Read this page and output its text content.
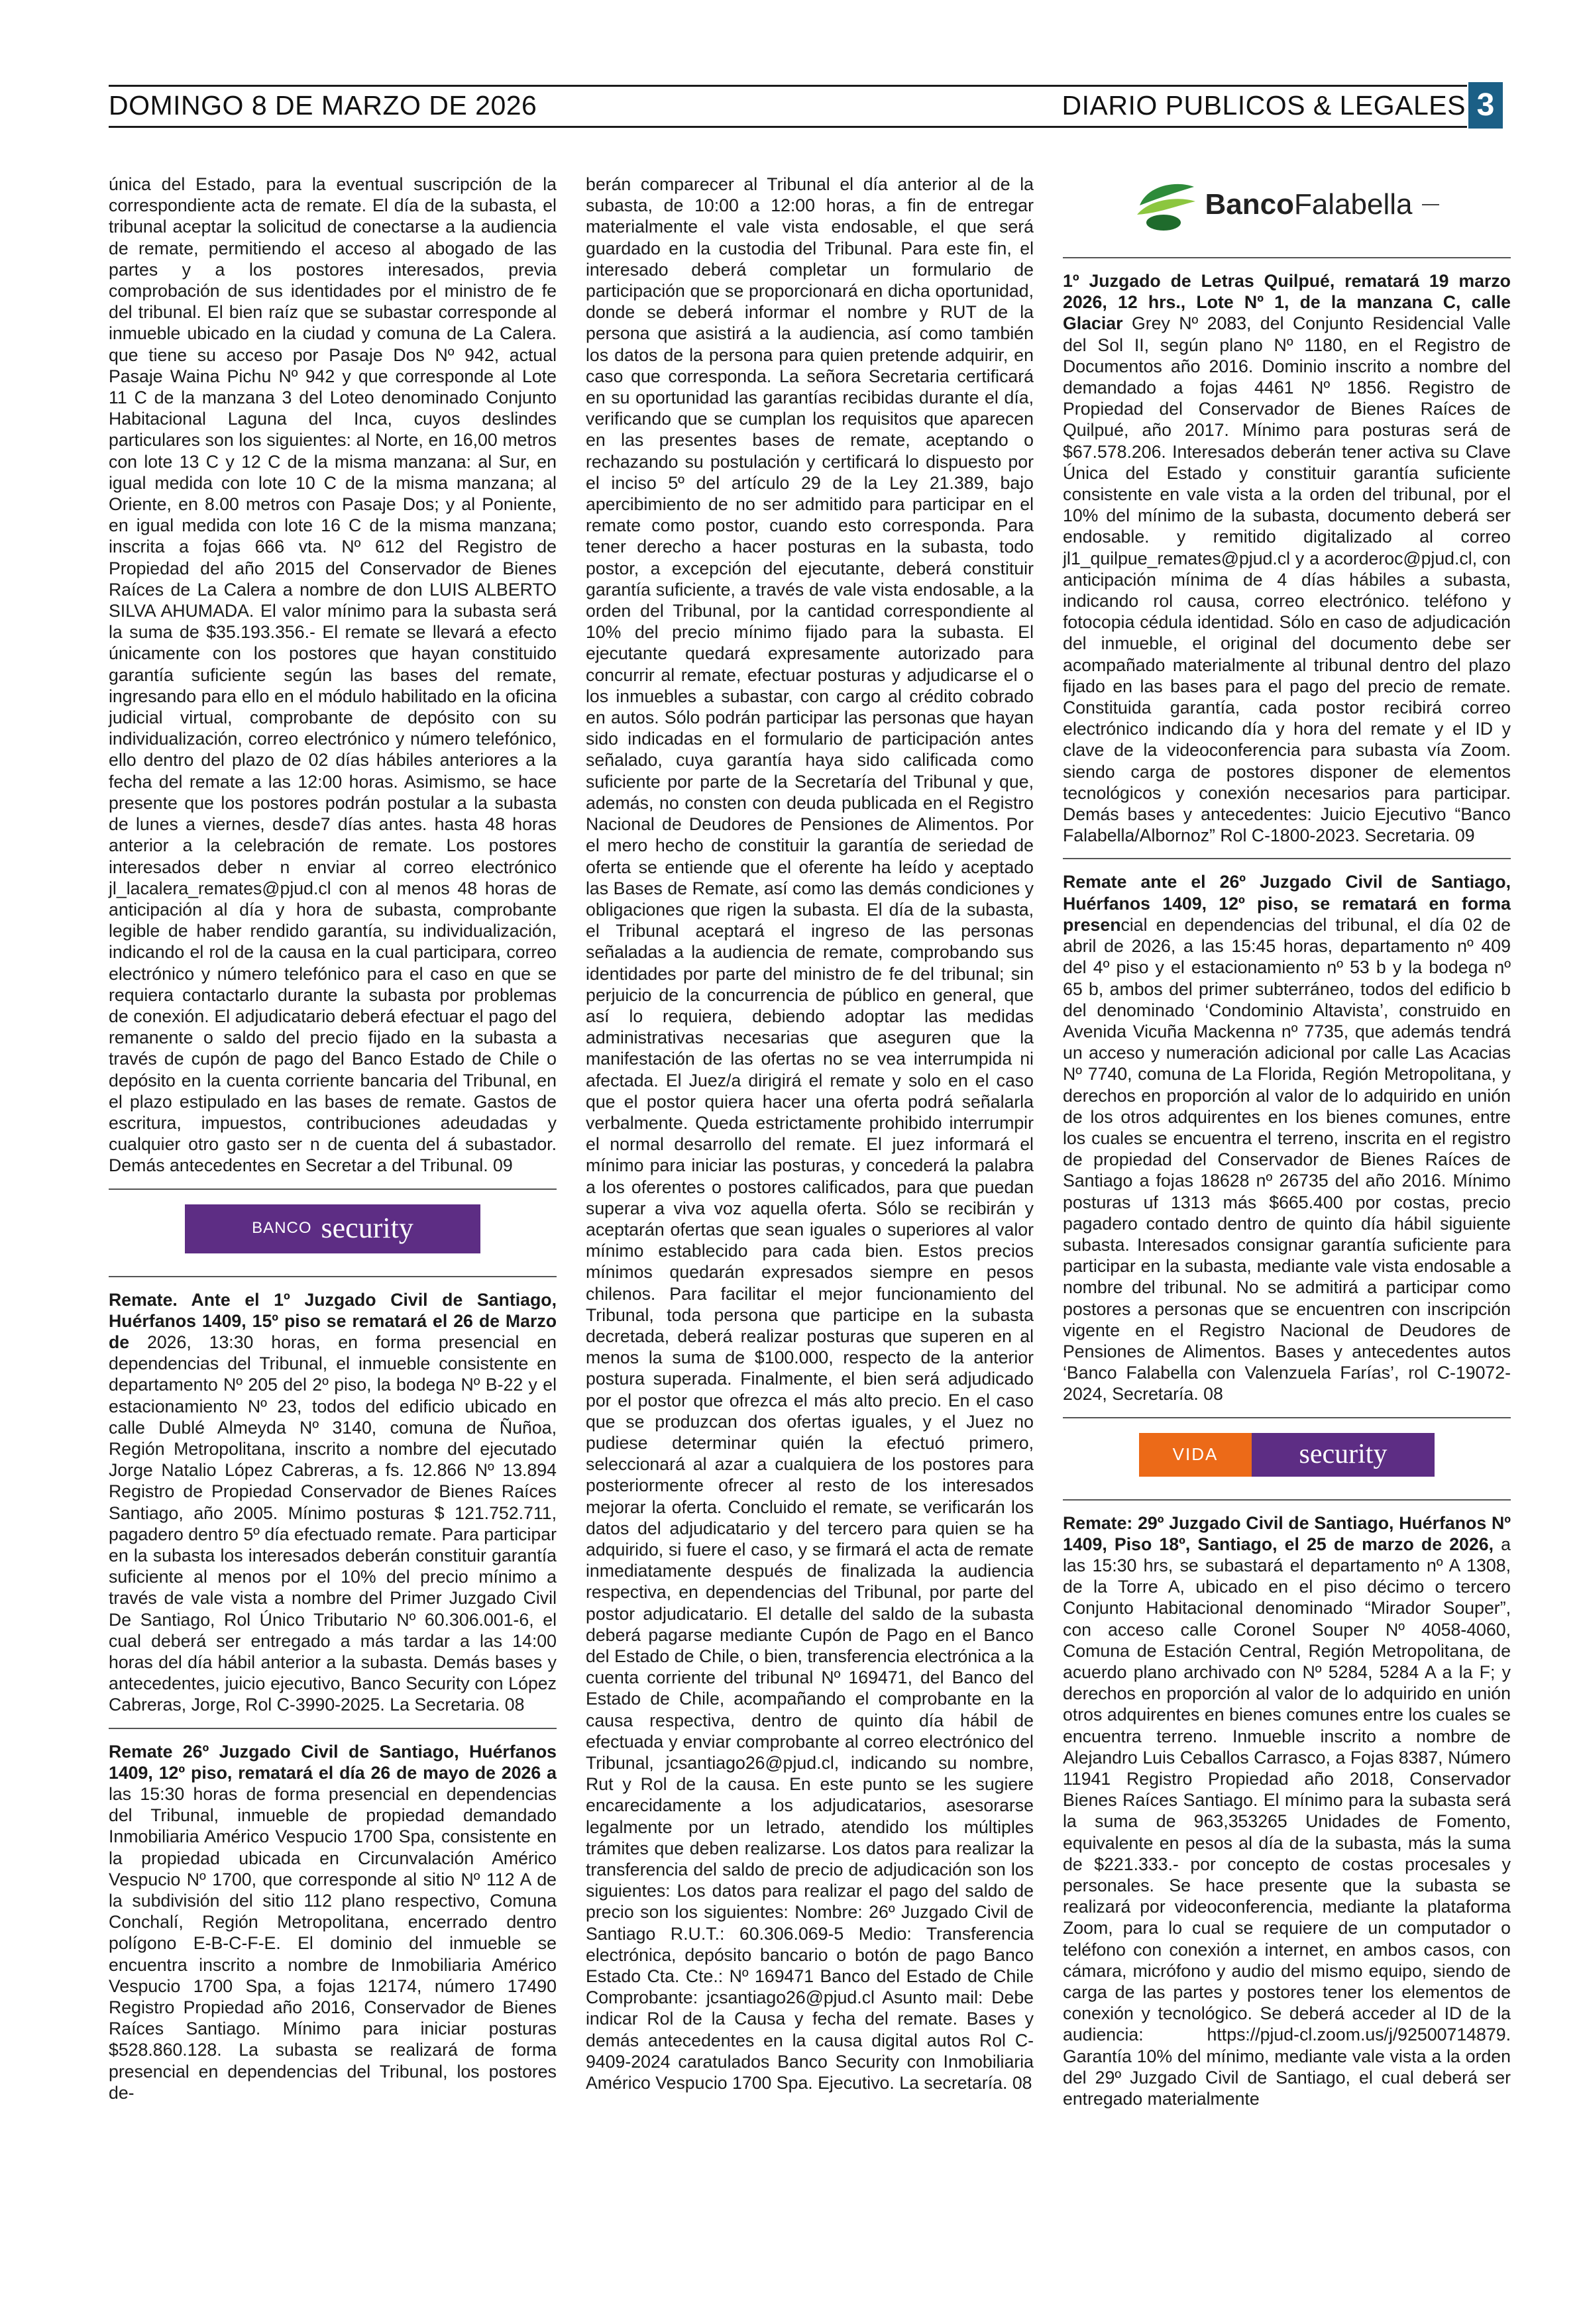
DOMINGO 8 DE MARZO DE 2026	DIARIO PUBLICOS & LEGALES 3

única del Estado, para la eventual suscripción de la correspondiente acta de remate. El día de la subasta, el tribunal aceptar la solicitud de conectarse a la audiencia de remate, permitiendo el acceso al abogado de las partes y a los postores interesados, previa comprobación de sus identidades por el ministro de fe del tribunal. El bien raíz que se subastar corresponde al inmueble ubicado en la ciudad y comuna de La Calera. que tiene su acceso por Pasaje Dos Nº 942, actual Pasaje Waina Pichu Nº 942 y que corresponde al Lote 11 C de la manzana 3 del Loteo denominado Conjunto Habitacional Laguna del Inca, cuyos deslindes particulares son los siguientes: al Norte, en 16,00 metros con lote 13 C y 12 C de la misma manzana: al Sur, en igual medida con lote 10 C de la misma manzana; al Oriente, en 8.00 metros con Pasaje Dos; y al Poniente, en igual medida con lote 16 C de la misma manzana; inscrita a fojas 666 vta. Nº 612 del Registro de Propiedad del año 2015 del Conservador de Bienes Raíces de La Calera a nombre de don LUIS ALBERTO SILVA AHUMADA. El valor mínimo para la subasta será la suma de $35.193.356.- El remate se llevará a efecto únicamente con los postores que hayan constituido garantía suficiente según las bases del remate, ingresando para ello en el módulo habilitado en la oficina judicial virtual, comprobante de depósito con su individualización, correo electrónico y número telefónico, ello dentro del plazo de 02 días hábiles anteriores a la fecha del remate a las 12:00 horas. Asimismo, se hace presente que los postores podrán postular a la subasta de lunes a viernes, desde7 días antes. hasta 48 horas anterior a la celebración de remate. Los postores interesados deber n enviar al correo electrónico jl_lacalera_remates@pjud.cl con al menos 48 horas de anticipación al día y hora de subasta, comprobante legible de haber rendido garantía, su individualización, indicando el rol de la causa en la cual participara, correo electrónico y número telefónico para el caso en que se requiera contactarlo durante la subasta por problemas de conexión. El adjudicatario deberá efectuar el pago del remanente o saldo del precio fijado en la subasta a través de cupón de pago del Banco Estado de Chile o depósito en la cuenta corriente bancaria del Tribunal, en el plazo estipulado en las bases de remate. Gastos de escritura, impuestos, contribuciones adeudadas y cualquier otro gasto ser n de cuenta del á subastador. Demás antecedentes en Secretar a del Tribunal. 09

BANCO security

Remate. Ante el 1º Juzgado Civil de Santiago, Huérfanos 1409, 15º piso se rematará el 26 de Marzo de 2026, 13:30 horas, en forma presencial en dependencias del Tribunal, el inmueble consistente en departamento Nº 205 del 2º piso, la bodega Nº B-22 y el estacionamiento Nº 23, todos del edificio ubicado en calle Dublé Almeyda Nº 3140, comuna de Ñuñoa, Región Metropolitana, inscrito a nombre del ejecutado Jorge Natalio López Cabreras, a fs. 12.866 Nº 13.894 Registro de Propiedad Conservador de Bienes Raíces Santiago, año 2005. Mínimo posturas $ 121.752.711, pagadero dentro 5º día efectuado remate. Para participar en la subasta los interesados deberán constituir garantía suficiente al menos por el 10% del precio mínimo a través de vale vista a nombre del Primer Juzgado Civil De Santiago, Rol Único Tributario Nº 60.306.001-6, el cual deberá ser entregado a más tardar a las 14:00 horas del día hábil anterior a la subasta. Demás bases y antecedentes, juicio ejecutivo, Banco Security con López Cabreras, Jorge, Rol C-3990-2025. La Secretaria. 08

Remate 26º Juzgado Civil de Santiago, Huérfanos 1409, 12º piso, rematará el día 26 de mayo de 2026 a las 15:30 horas de forma presencial en dependencias del Tribunal, inmueble de propiedad demandado Inmobiliaria Américo Vespucio 1700 Spa, consistente en la propiedad ubicada en Circunvalación Américo Vespucio Nº 1700, que corresponde al sitio Nº 112 A de la subdivisión del sitio 112 plano respectivo, Comuna Conchalí, Región Metropolitana, encerrado dentro polígono E-B-C-F-E. El dominio del inmueble se encuentra inscrito a nombre de Inmobiliaria Américo Vespucio 1700 Spa, a fojas 12174, número 17490 Registro Propiedad año 2016, Conservador de Bienes Raíces Santiago. Mínimo para iniciar posturas $528.860.128. La subasta se realizará de forma presencial en dependencias del Tribunal, los postores de-

berán comparecer al Tribunal el día anterior al de la subasta, de 10:00 a 12:00 horas, a fin de entregar materialmente el vale vista endosable, el que será guardado en la custodia del Tribunal. Para este fin, el interesado deberá completar un formulario de participación que se proporcionará en dicha oportunidad, donde se deberá informar el nombre y RUT de la persona que asistirá a la audiencia, así como también los datos de la persona para quien pretende adquirir, en caso que corresponda. La señora Secretaria certificará en su oportunidad las garantías recibidas durante el día, verificando que se cumplan los requisitos que aparecen en las presentes bases de remate, aceptando o rechazando su postulación y certificará lo dispuesto por el inciso 5º del artículo 29 de la Ley 21.389, bajo apercibimiento de no ser admitido para participar en el remate como postor, cuando esto corresponda. Para tener derecho a hacer posturas en la subasta, todo postor, a excepción del ejecutante, deberá constituir garantía suficiente, a través de vale vista endosable, a la orden del Tribunal, por la cantidad correspondiente al 10% del precio mínimo fijado para la subasta. El ejecutante quedará expresamente autorizado para concurrir al remate, efectuar posturas y adjudicarse el o los inmuebles a subastar, con cargo al crédito cobrado en autos. Sólo podrán participar las personas que hayan sido indicadas en el formulario de participación antes señalado, cuya garantía haya sido calificada como suficiente por parte de la Secretaría del Tribunal y que, además, no consten con deuda publicada en el Registro Nacional de Deudores de Pensiones de Alimentos. Por el mero hecho de constituir la garantía de seriedad de oferta se entiende que el oferente ha leído y aceptado las Bases de Remate, así como las demás condiciones y obligaciones que rigen la subasta. El día de la subasta, el Tribunal aceptará el ingreso de las personas señaladas a la audiencia de remate, comprobando sus identidades por parte del ministro de fe del tribunal; sin perjuicio de la concurrencia de público en general, que así lo requiera, debiendo adoptar las medidas administrativas necesarias que aseguren que la manifestación de las ofertas no se vea interrumpida ni afectada. El Juez/a dirigirá el remate y solo en el caso que el postor quiera hacer una oferta podrá señalarla verbalmente. Queda estrictamente prohibido interrumpir el normal desarrollo del remate. El juez informará el mínimo para iniciar las posturas, y concederá la palabra a los oferentes o postores calificados, para que puedan superar a viva voz aquella oferta. Sólo se recibirán y aceptarán ofertas que sean iguales o superiores al valor mínimo establecido para cada bien. Estos precios mínimos quedarán expresados siempre en pesos chilenos. Para facilitar el mejor funcionamiento del Tribunal, toda persona que participe en la subasta decretada, deberá realizar posturas que superen en al menos la suma de $100.000, respecto de la anterior postura superada. Finalmente, el bien será adjudicado por el postor que ofrezca el más alto precio. En el caso que se produzcan dos ofertas iguales, y el Juez no pudiese determinar quién la efectuó primero, seleccionará al azar a cualquiera de los postores para posteriormente ofrecer al resto de los interesados mejorar la oferta. Concluido el remate, se verificarán los datos del adjudicatario y del tercero para quien se ha adquirido, si fuere el caso, y se firmará el acta de remate inmediatamente después de finalizada la audiencia respectiva, en dependencias del Tribunal, por parte del postor adjudicatario. El detalle del saldo de la subasta deberá pagarse mediante Cupón de Pago en el Banco del Estado de Chile, o bien, transferencia electrónica a la cuenta corriente del tribunal Nº 169471, del Banco del Estado de Chile, acompañando el comprobante en la causa respectiva, dentro de quinto día hábil de efectuada y enviar comprobante al correo electrónico del Tribunal, jcsantiago26@pjud.cl, indicando su nombre, Rut y Rol de la causa. En este punto se les sugiere encarecidamente a los adjudicatarios, asesorarse legalmente por un letrado, atendido los múltiples trámites que deben realizarse. Los datos para realizar la transferencia del saldo de precio de adjudicación son los siguientes: Los datos para realizar el pago del saldo de precio son los siguientes: Nombre: 26º Juzgado Civil de Santiago R.U.T.: 60.306.069-5 Medio: Transferencia electrónica, depósito bancario o botón de pago Banco Estado Cta. Cte.: Nº 169471 Banco del Estado de Chile Comprobante: jcsantiago26@pjud.cl Asunto mail: Debe indicar Rol de la Causa y fecha del remate. Bases y demás antecedentes en la causa digital autos Rol C-9409-2024 caratulados Banco Security con Inmobiliaria Américo Vespucio 1700 Spa. Ejecutivo. La secretaría. 08

BancoFalabella

1º Juzgado de Letras Quilpué, rematará 19 marzo 2026, 12 hrs., Lote Nº 1, de la manzana C, calle Glaciar Grey Nº 2083, del Conjunto Residencial Valle del Sol II, según plano Nº 1180, en el Registro de Documentos año 2016. Dominio inscrito a nombre del demandado a fojas 4461 Nº 1856. Registro de Propiedad del Conservador de Bienes Raíces de Quilpué, año 2017. Mínimo para posturas será de $67.578.206. Interesados deberán tener activa su Clave Única del Estado y constituir garantía suficiente consistente en vale vista a la orden del tribunal, por el 10% del mínimo de la subasta, documento deberá ser endosable. y remitido digitalizado al correo jl1_quilpue_remates@pjud.cl y a acorderoc@pjud.cl, con anticipación mínima de 4 días hábiles a subasta, indicando rol causa, correo electrónico. teléfono y fotocopia cédula identidad. Sólo en caso de adjudicación del inmueble, el original del documento debe ser acompañado materialmente al tribunal dentro del plazo fijado en las bases para el pago del precio de remate. Constituida garantía, cada postor recibirá correo electrónico indicando día y hora del remate y el ID y clave de la videoconferencia para subasta vía Zoom. siendo carga de postores disponer de elementos tecnológicos y conexión necesarios para participar. Demás bases y antecedentes: Juicio Ejecutivo “Banco Falabella/Albornoz” Rol C-1800-2023. Secretaria. 09

Remate ante el 26º Juzgado Civil de Santiago, Huérfanos 1409, 12º piso, se rematará en forma presencial en dependencias del tribunal, el día 02 de abril de 2026, a las 15:45 horas, departamento nº 409 del 4º piso y el estacionamiento nº 53 b y la bodega nº 65 b, ambos del primer subterráneo, todos del edificio b del denominado ‘Condominio Altavista’, construido en Avenida Vicuña Mackenna nº 7735, que además tendrá un acceso y numeración adicional por calle Las Acacias Nº 7740, comuna de La Florida, Región Metropolitana, y derechos en proporción al valor de lo adquirido en unión de los otros adquirentes en los bienes comunes, entre los cuales se encuentra el terreno, inscrita en el registro de propiedad del Conservador de Bienes Raíces de Santiago a fojas 18628 nº 26735 del año 2016. Mínimo posturas uf 1313 más $665.400 por costas, precio pagadero contado dentro de quinto día hábil siguiente subasta. Interesados consignar garantía suficiente para participar en la subasta, mediante vale vista endosable a nombre del tribunal. No se admitirá a participar como postores a personas que se encuentren con inscripción vigente en el Registro Nacional de Deudores de Pensiones de Alimentos. Bases y antecedentes autos ‘Banco Falabella con Valenzuela Farías’, rol C-19072-2024, Secretaría. 08

VIDA	security

Remate: 29º Juzgado Civil de Santiago, Huérfanos Nº 1409, Piso 18º, Santiago, el 25 de marzo de 2026, a las 15:30 hrs, se subastará el departamento nº A 1308, de la Torre A, ubicado en el piso décimo o tercero Conjunto Habitacional denominado “Mirador Souper”, con acceso calle Coronel Souper Nº 4058-4060, Comuna de Estación Central, Región Metropolitana, de acuerdo plano archivado con Nº 5284, 5284 A a la F; y derechos en proporción al valor de lo adquirido en unión otros adquirentes en bienes comunes entre los cuales se encuentra terreno. Inmueble inscrito a nombre de Alejandro Luis Ceballos Carrasco, a Fojas 8387, Número 11941 Registro Propiedad año 2018, Conservador Bienes Raíces Santiago. El mínimo para la subasta será la suma de 963,353265 Unidades de Fomento, equivalente en pesos al día de la subasta, más la suma de $221.333.- por concepto de costas procesales y personales. Se hace presente que la subasta se realizará por videoconferencia, mediante la plataforma Zoom, para lo cual se requiere de un computador o teléfono con conexión a internet, en ambos casos, con cámara, micrófono y audio del mismo equipo, siendo de carga de las partes y postores tener los elementos de conexión y tecnológico. Se deberá acceder al ID de la audiencia: https://pjud-cl.zoom.us/j/92500714879. Garantía 10% del mínimo, mediante vale vista a la orden del 29º Juzgado Civil de Santiago, el cual deberá ser entregado materialmente
